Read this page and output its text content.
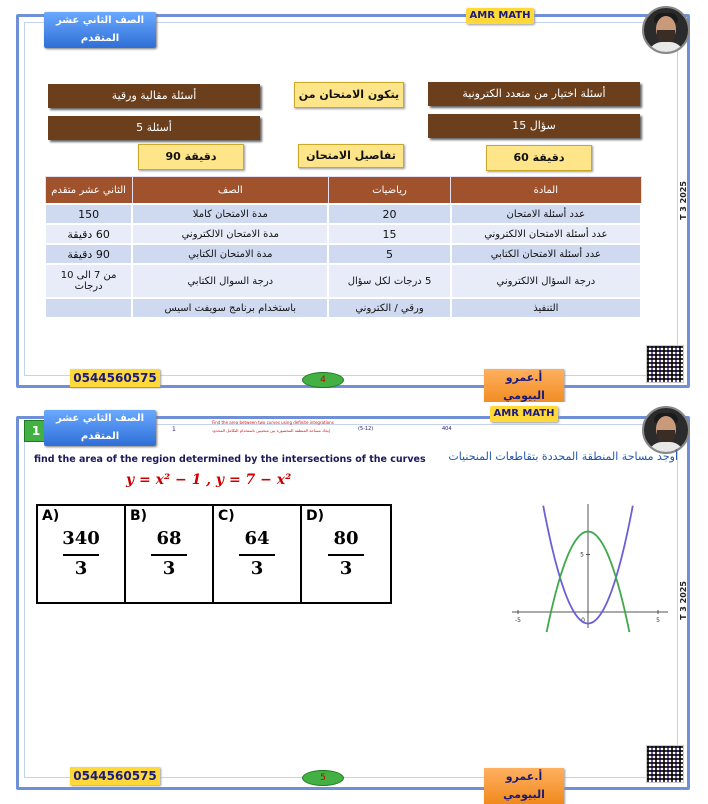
الصف الثاني عشر المتقدم
AMR MATH
أسئلة مقالية ورقية	يتكون الامتحان من	أسئلة اختيار من متعدد الكترونية
5 أسئلة	15 سؤال
90 دقيقة	تفاصيل الامتحان	60 دقيقة
المادة	رياضيات	الصف	الثاني عشر متقدم
عدد أسئلة الامتحان	20	مدة الامتحان كاملا	150
عدد أسئلة الامتحان الالكتروني	15	مدة الامتحان الالكتروني	60 دقيقة
عدد أسئلة الامتحان الكتابي	5	مدة الامتحان الكتابي	90 دقيقة
درجة السؤال الالكتروني	5 درجات لكل سؤال	درجة السوال الكتابي	من 7 الى 10 درجات
التنفيذ	ورقي / الكتروني	باستخدام برنامج سويفت اسيس	
T 3 2025
0544560575	4	أ.عمرو البيومي
1
الصف الثاني عشر المتقدم
AMR MATH
1
Find the area between two curves using definite integrations
إيجاد مساحة المنطقة المحصورة بين منحنيين باستخدام التكامل المحدود	(5-12)	404
find the area of the region determined by the intersections of the curves	أوجد مساحة المنطقة المحددة بتقاطعات المنحنيات
y = x² − 1 , y = 7 − x²
A)
340
3
B)
68
3
C)
64
3
D)
80
3
-5	0	5
5
T 3 2025
0544560575	5	أ.عمرو البيومي
